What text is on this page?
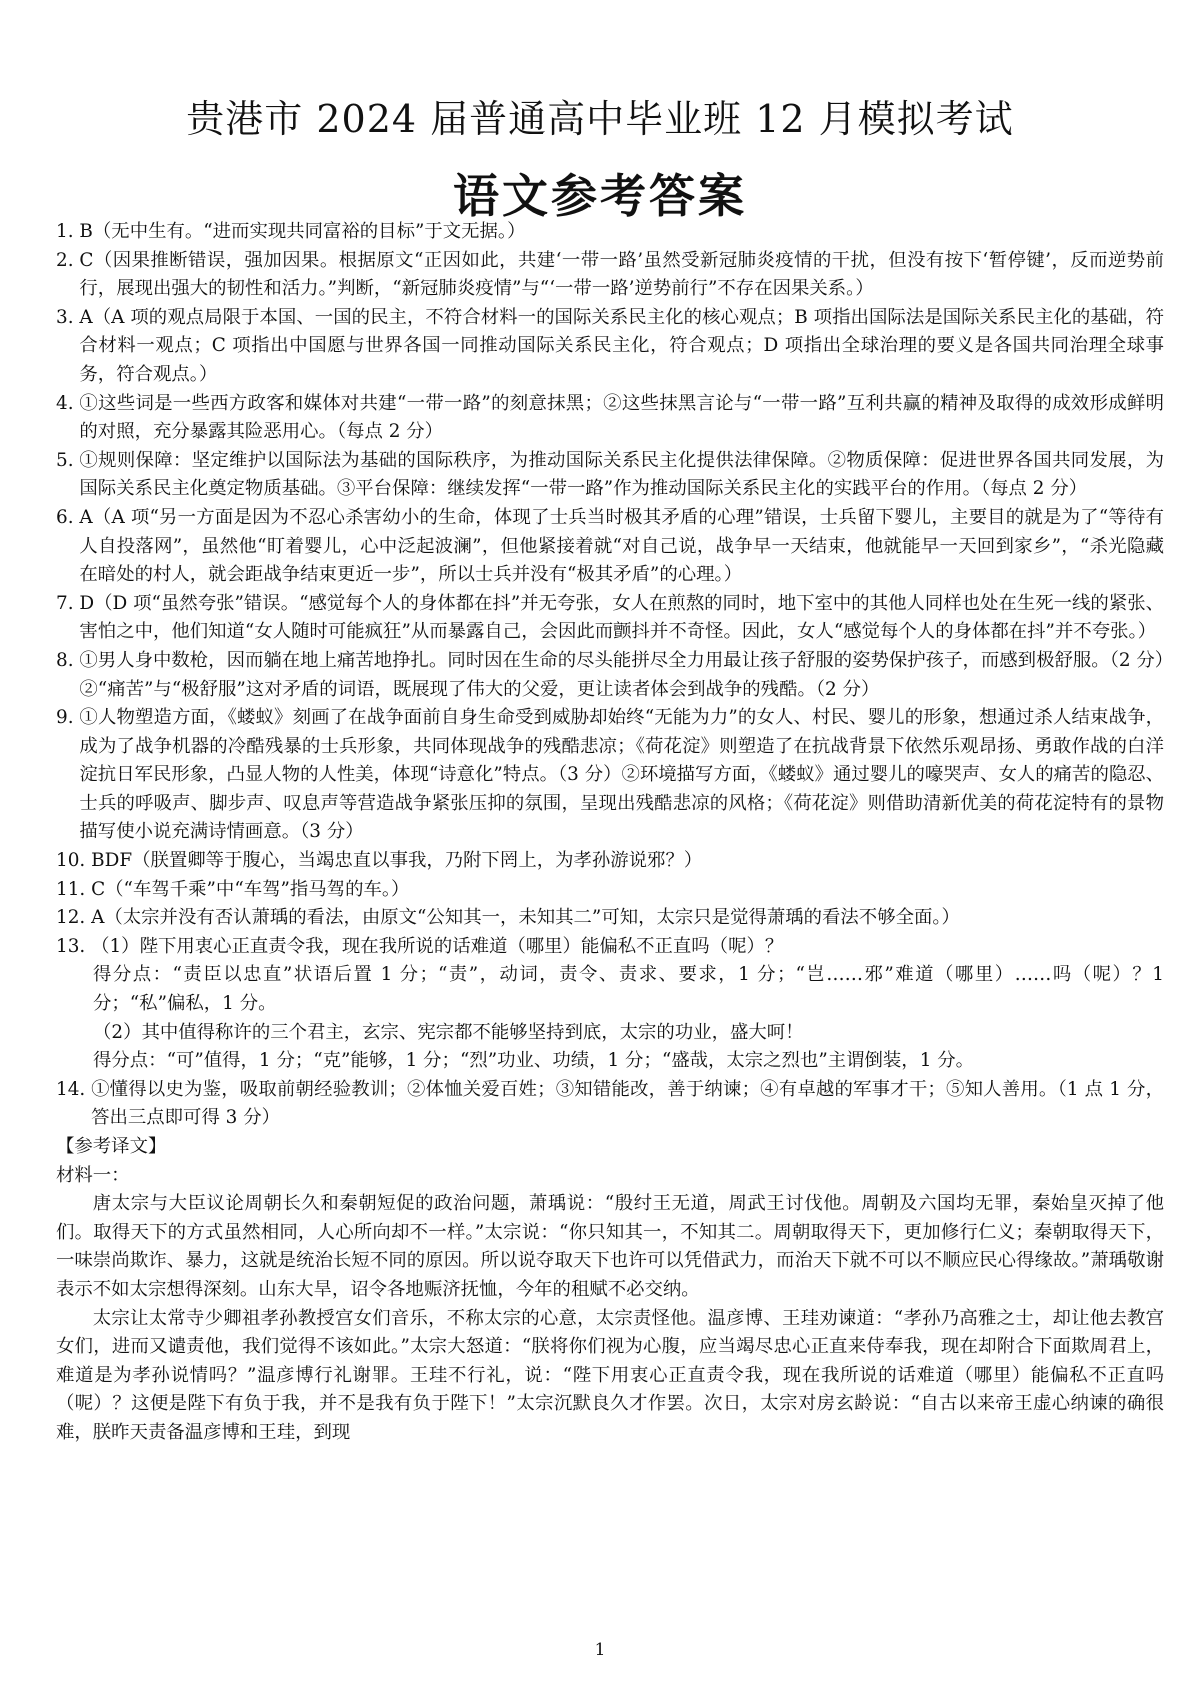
贵港市 2024 届普通高中毕业班 12 月模拟考试
语文参考答案
1. B（无中生有。“进而实现共同富裕的目标”于文无据。）
2. C（因果推断错误，强加因果。根据原文“正因如此，共建‘一带一路’虽然受新冠肺炎疫情的干扰，但没有按下‘暂停键’，反而逆势前行，展现出强大的韧性和活力。”判断，“新冠肺炎疫情”与“‘一带一路’逆势前行”不存在因果关系。）
3. A（A 项的观点局限于本国、一国的民主，不符合材料一的国际关系民主化的核心观点；B 项指出国际法是国际关系民主化的基础，符合材料一观点；C 项指出中国愿与世界各国一同推动国际关系民主化，符合观点；D 项指出全球治理的要义是各国共同治理全球事务，符合观点。）
4. ①这些词是一些西方政客和媒体对共建“一带一路”的刻意抹黑；②这些抹黑言论与“一带一路”互利共赢的精神及取得的成效形成鲜明的对照，充分暴露其险恶用心。（每点 2 分）
5. ①规则保障：坚定维护以国际法为基础的国际秩序，为推动国际关系民主化提供法律保障。②物质保障：促进世界各国共同发展，为国际关系民主化奠定物质基础。③平台保障：继续发挥“一带一路”作为推动国际关系民主化的实践平台的作用。（每点 2 分）
6. A（A 项“另一方面是因为不忍心杀害幼小的生命，体现了士兵当时极其矛盾的心理”错误，士兵留下婴儿，主要目的就是为了“等待有人自投落网”，虽然他“盯着婴儿，心中泛起波澜”，但他紧接着就“对自己说，战争早一天结束，他就能早一天回到家乡”，“杀光隐藏在暗处的村人，就会距战争结束更近一步”，所以士兵并没有“极其矛盾”的心理。）
7. D（D 项“虽然夸张”错误。“感觉每个人的身体都在抖”并无夸张，女人在煎熬的同时，地下室中的其他人同样也处在生死一线的紧张、害怕之中，他们知道“女人随时可能疯狂”从而暴露自己，会因此而颤抖并不奇怪。因此，女人“感觉每个人的身体都在抖”并不夸张。）
8. ①男人身中数枪，因而躺在地上痛苦地挣扎。同时因在生命的尽头能拼尽全力用最让孩子舒服的姿势保护孩子，而感到极舒服。（2 分）②“痛苦”与“极舒服”这对矛盾的词语，既展现了伟大的父爱，更让读者体会到战争的残酷。（2 分）
9. ①人物塑造方面，《蝼蚁》刻画了在战争面前自身生命受到威胁却始终“无能为力”的女人、村民、婴儿的形象，想通过杀人结束战争，成为了战争机器的冷酷残暴的士兵形象，共同体现战争的残酷悲凉；《荷花淀》则塑造了在抗战背景下依然乐观昂扬、勇敢作战的白洋淀抗日军民形象，凸显人物的人性美，体现“诗意化”特点。（3 分）②环境描写方面，《蝼蚁》通过婴儿的嚎哭声、女人的痛苦的隐忍、士兵的呼吸声、脚步声、叹息声等营造战争紧张压抑的氛围，呈现出残酷悲凉的风格；《荷花淀》则借助清新优美的荷花淀特有的景物描写使小说充满诗情画意。（3 分）
10. BDF（朕置卿等于腹心，当竭忠直以事我，乃附下罔上，为孝孙游说邪？）
11. C（“车驾千乘”中“车驾”指马驾的车。）
12. A（太宗并没有否认萧瑀的看法，由原文“公知其一，未知其二”可知，太宗只是觉得萧瑀的看法不够全面。）
13. （1）陛下用衷心正直责令我，现在我所说的话难道（哪里）能偏私不正直吗（呢）？
得分点：“责臣以忠直”状语后置 1 分；“责”，动词，责令、责求、要求，1 分；“岂……邪”难道（哪里）……吗（呢）？1 分；“私”偏私，1 分。
（2）其中值得称许的三个君主，玄宗、宪宗都不能够坚持到底，太宗的功业，盛大呵！
得分点：“可”值得，1 分；“克”能够，1 分；“烈”功业、功绩，1 分；“盛哉，太宗之烈也”主谓倒装，1 分。
14. ①懂得以史为鉴，吸取前朝经验教训；②体恤关爱百姓；③知错能改，善于纳谏；④有卓越的军事才干；⑤知人善用。（1 点 1 分，答出三点即可得 3 分）
【参考译文】
材料一：
唐太宗与大臣议论周朝长久和秦朝短促的政治问题，萧瑀说：“殷纣王无道，周武王讨伐他。周朝及六国均无罪，秦始皇灭掉了他们。取得天下的方式虽然相同，人心所向却不一样。”太宗说：“你只知其一，不知其二。周朝取得天下，更加修行仁义；秦朝取得天下，一味崇尚欺诈、暴力，这就是统治长短不同的原因。所以说夺取天下也许可以凭借武力，而治天下就不可以不顺应民心得缘故。”萧瑀敬谢表示不如太宗想得深刻。山东大旱，诏令各地赈济抚恤，今年的租赋不必交纳。
太宗让太常寺少卿祖孝孙教授宫女们音乐，不称太宗的心意，太宗责怪他。温彦博、王珪劝谏道：“孝孙乃高雅之士，却让他去教宫女们，进而又谴责他，我们觉得不该如此。”太宗大怒道：“朕将你们视为心腹，应当竭尽忠心正直来侍奉我，现在却附合下面欺周君上，难道是为孝孙说情吗？”温彦博行礼谢罪。王珪不行礼，说：“陛下用衷心正直责令我，现在我所说的话难道（哪里）能偏私不正直吗（呢）？这便是陛下有负于我，并不是我有负于陛下！”太宗沉默良久才作罢。次日，太宗对房玄龄说：“自古以来帝王虚心纳谏的确很难，朕昨天责备温彦博和王珪，到现
1
